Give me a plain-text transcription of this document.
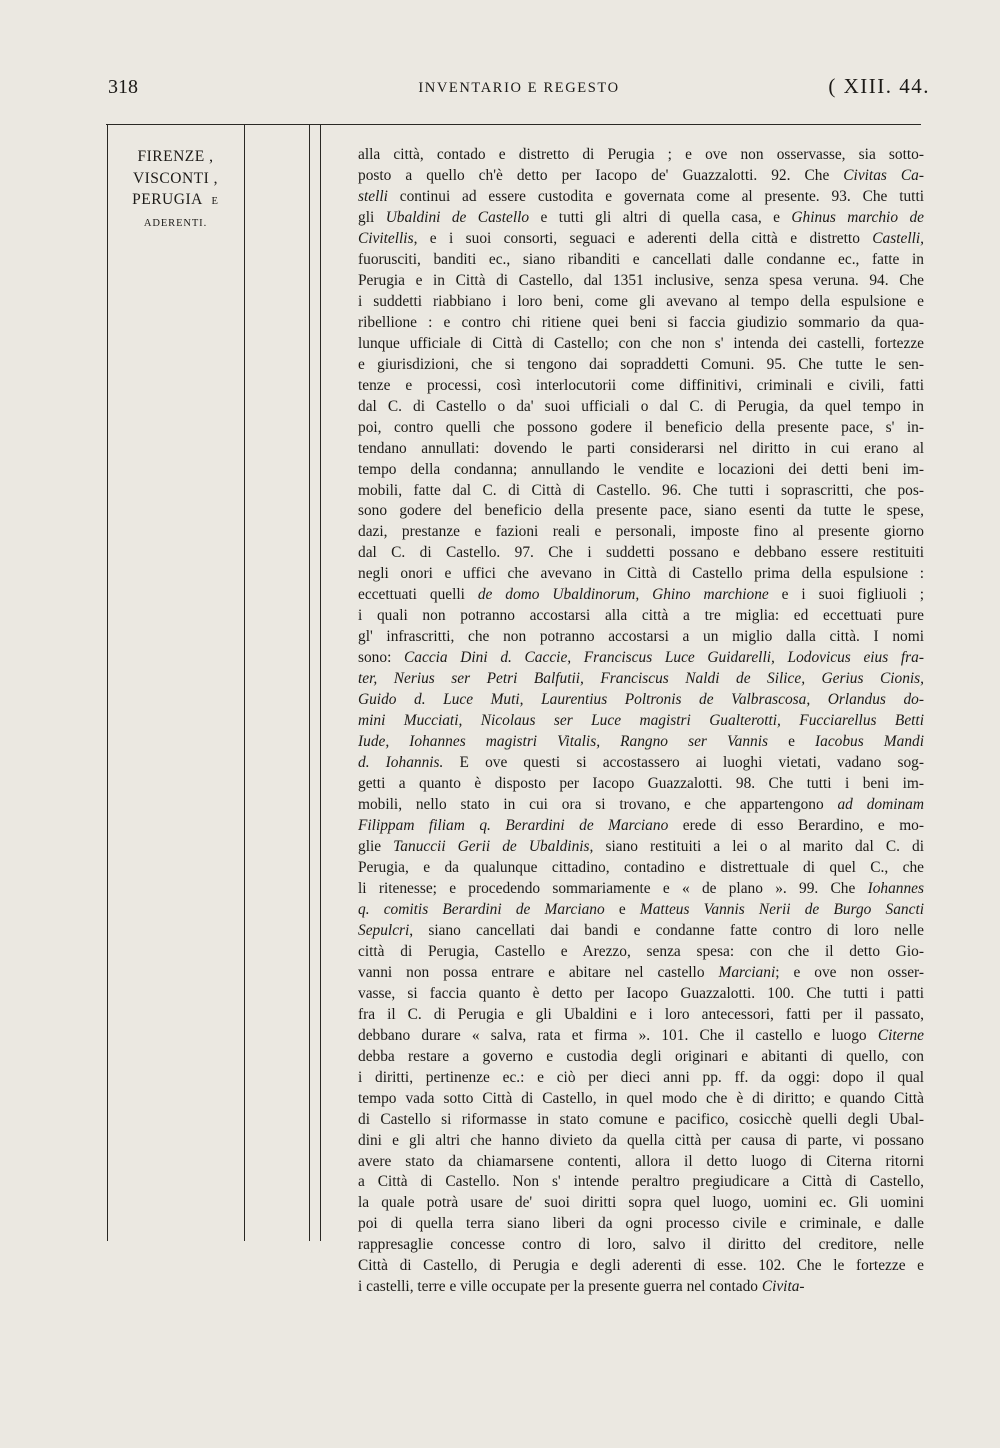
318	INVENTARIO E REGESTO	( XIII. 44.
FIRENZE ,
VISCONTI ,
PERUGIA E
ADERENTI.
alla città, contado e distretto di Perugia ; e ove non osservasse, sia sotto-
posto a quello ch'è detto per Iacopo de' Guazzalotti. 92. Che Civitas Ca-
stelli continui ad essere custodita e governata come al presente. 93. Che tutti
gli Ubaldini de Castello e tutti gli altri di quella casa, e Ghinus marchio de
Civitellis, e i suoi consorti, seguaci e aderenti della città e distretto Castelli,
fuorusciti, banditi ec., siano ribanditi e cancellati dalle condanne ec., fatte in
Perugia e in Città di Castello, dal 1351 inclusive, senza spesa veruna. 94. Che
i suddetti riabbiano i loro beni, come gli avevano al tempo della espulsione e
ribellione : e contro chi ritiene quei beni si faccia giudizio sommario da qua-
lunque ufficiale di Città di Castello; con che non s' intenda dei castelli, fortezze
e giurisdizioni, che si tengono dai sopraddetti Comuni. 95. Che tutte le sen-
tenze e processi, così interlocutorii come diffinitivi, criminali e civili, fatti
dal C. di Castello o da' suoi ufficiali o dal C. di Perugia, da quel tempo in
poi, contro quelli che possono godere il beneficio della presente pace, s' in-
tendano annullati: dovendo le parti considerarsi nel diritto in cui erano al
tempo della condanna; annullando le vendite e locazioni dei detti beni im-
mobili, fatte dal C. di Città di Castello. 96. Che tutti i soprascritti, che pos-
sono godere del beneficio della presente pace, siano esenti da tutte le spese,
dazi, prestanze e fazioni reali e personali, imposte fino al presente giorno
dal C. di Castello. 97. Che i suddetti possano e debbano essere restituiti
negli onori e uffici che avevano in Città di Castello prima della espulsione :
eccettuati quelli de domo Ubaldinorum, Ghino marchione e i suoi figliuoli ;
i quali non potranno accostarsi alla città a tre miglia: ed eccettuati pure
gl' infrascritti, che non potranno accostarsi a un miglio dalla città. I nomi
sono: Caccia Dini d. Caccie, Franciscus Luce Guidarelli, Lodovicus eius fra-
ter, Nerius ser Petri Balfutii, Franciscus Naldi de Silice, Gerius Cionis,
Guido d. Luce Muti, Laurentius Poltronis de Valbrascosa, Orlandus do-
mini Mucciati, Nicolaus ser Luce magistri Gualterotti, Fucciarellus Betti
Iude, Iohannes magistri Vitalis, Rangno ser Vannis e Iacobus Mandi
d. Iohannis. E ove questi si accostassero ai luoghi vietati, vadano sog-
getti a quanto è disposto per Iacopo Guazzalotti. 98. Che tutti i beni im-
mobili, nello stato in cui ora si trovano, e che appartengono ad dominam
Filippam filiam q. Berardini de Marciano erede di esso Berardino, e mo-
glie Tanuccii Gerii de Ubaldinis, siano restituiti a lei o al marito dal C. di
Perugia, e da qualunque cittadino, contadino e distrettuale di quel C., che
li ritenesse; e procedendo sommariamente e « de plano ». 99. Che Iohannes
q. comitis Berardini de Marciano e Matteus Vannis Nerii de Burgo Sancti
Sepulcri, siano cancellati dai bandi e condanne fatte contro di loro nelle
città di Perugia, Castello e Arezzo, senza spesa: con che il detto Gio-
vanni non possa entrare e abitare nel castello Marciani; e ove non osser-
vasse, si faccia quanto è detto per Iacopo Guazzalotti. 100. Che tutti i patti
fra il C. di Perugia e gli Ubaldini e i loro antecessori, fatti per il passato,
debbano durare « salva, rata et firma ». 101. Che il castello e luogo Citerne
debba restare a governo e custodia degli originari e abitanti di quello, con
i diritti, pertinenze ec.: e ciò per dieci anni pp. ff. da oggi: dopo il qual
tempo vada sotto Città di Castello, in quel modo che è di diritto; e quando Città
di Castello si riformasse in stato comune e pacifico, cosicchè quelli degli Ubal-
dini e gli altri che hanno divieto da quella città per causa di parte, vi possano
avere stato da chiamarsene contenti, allora il detto luogo di Citerna ritorni
a Città di Castello. Non s' intende peraltro pregiudicare a Città di Castello,
la quale potrà usare de' suoi diritti sopra quel luogo, uomini ec. Gli uomini
poi di quella terra siano liberi da ogni processo civile e criminale, e dalle
rappresaglie concesse contro di loro, salvo il diritto del creditore, nelle
Città di Castello, di Perugia e degli aderenti di esse. 102. Che le fortezze e
i castelli, terre e ville occupate per la presente guerra nel contado Civita-
